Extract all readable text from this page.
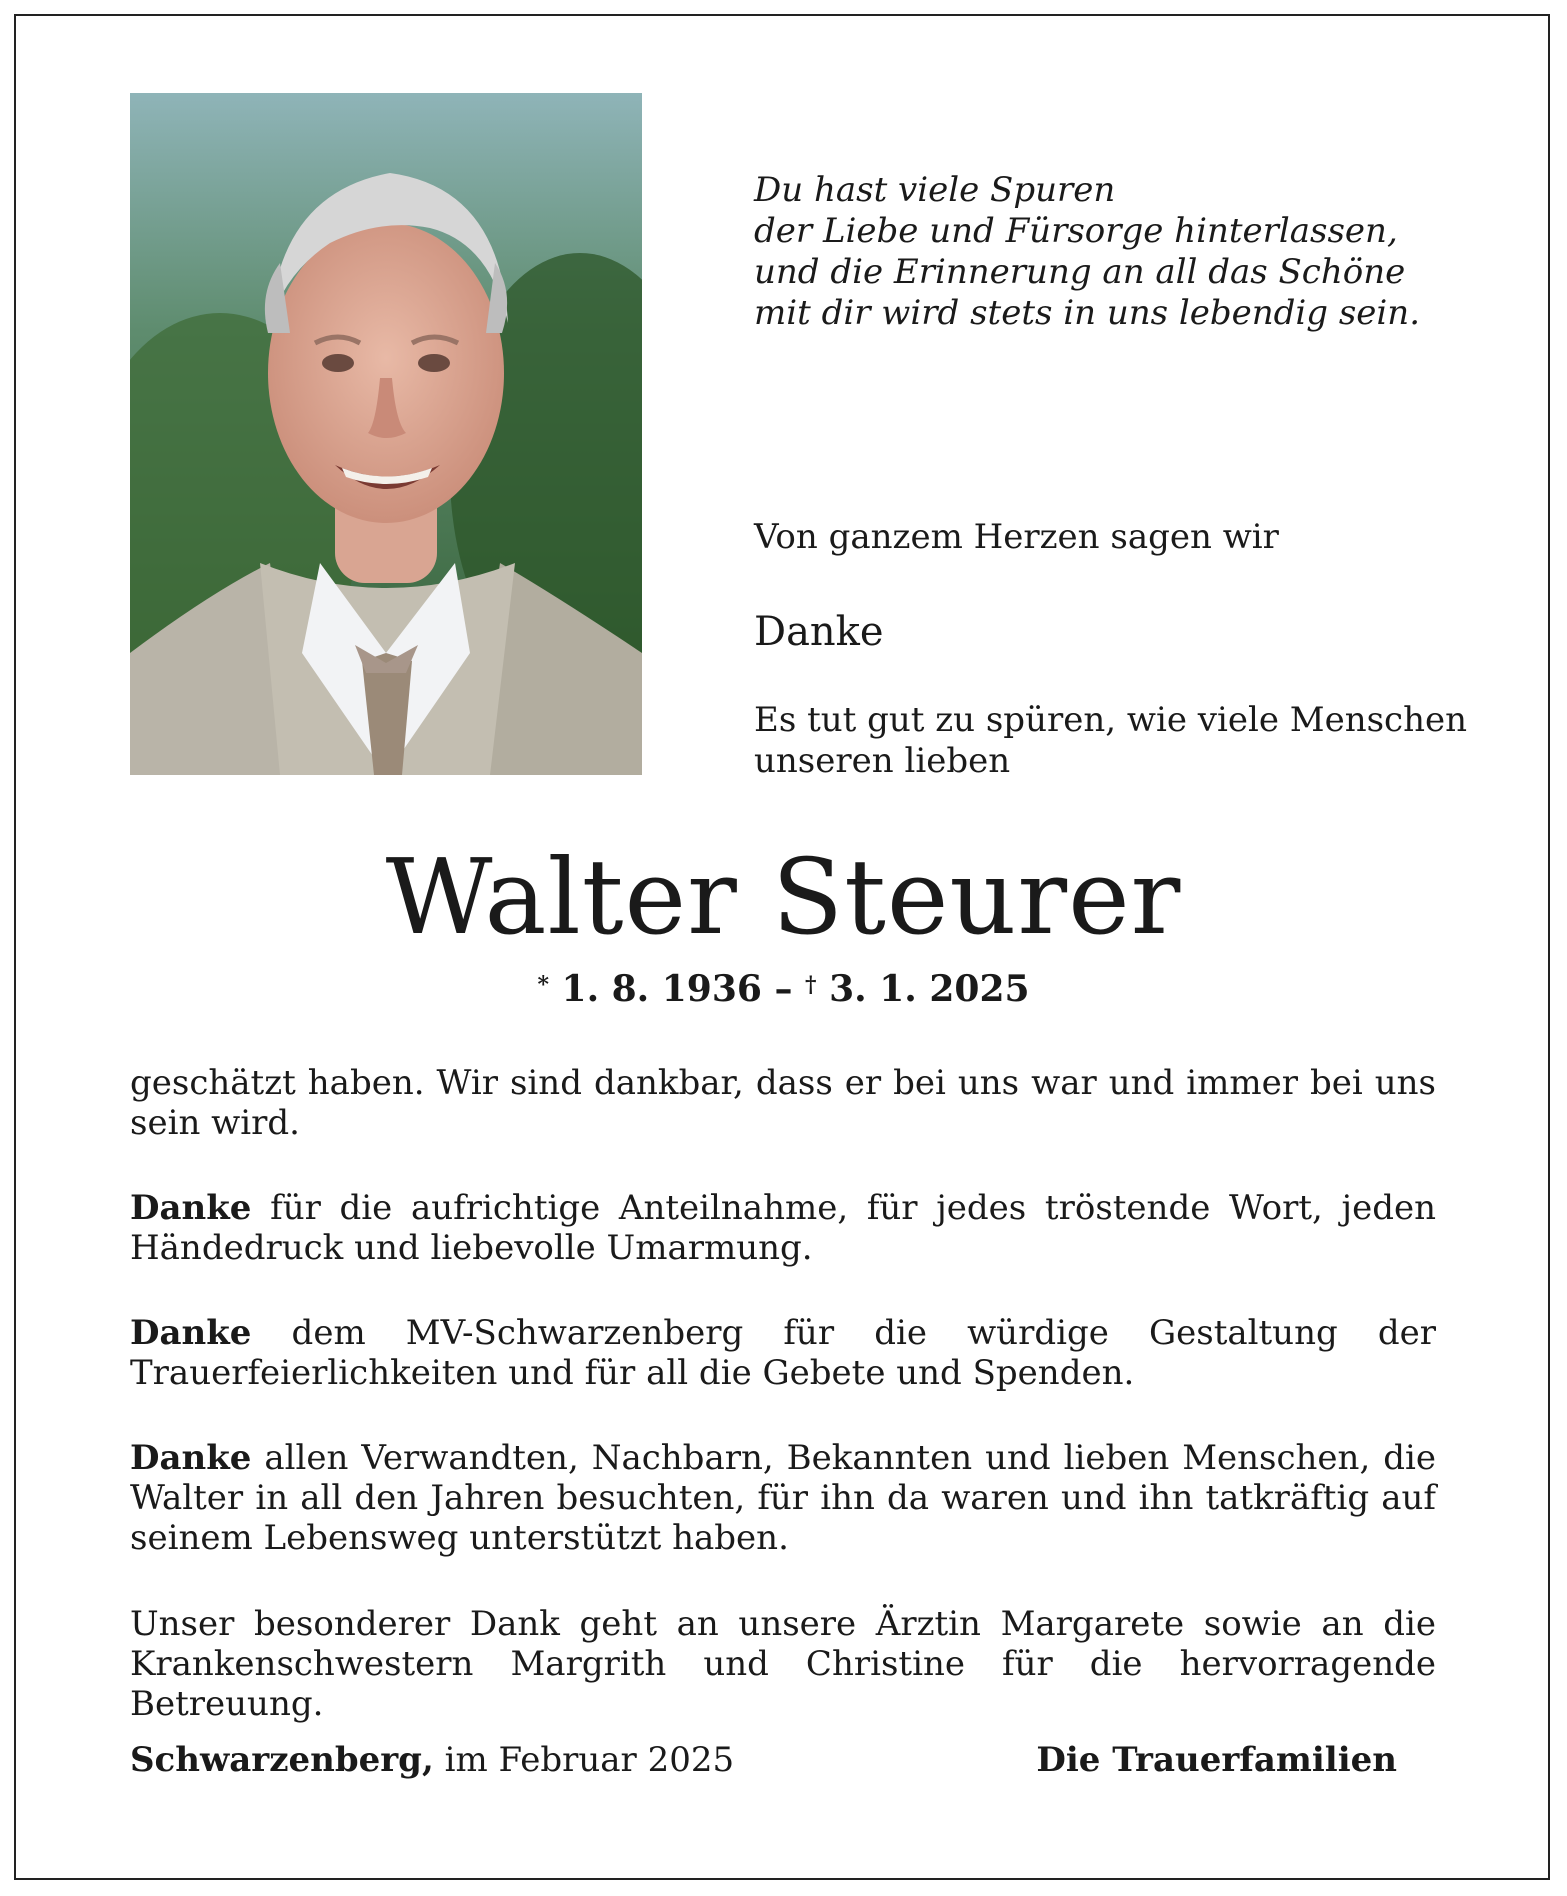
Du hast viele Spuren
der Liebe und Fürsorge hinterlassen,
und die Erinnerung an all das Schöne
mit dir wird stets in uns lebendig sein.
Von ganzem Herzen sagen wir
Danke
Es tut gut zu spüren, wie viele Menschen
unseren lieben
Walter Steurer
* 1. 8. 1936 – † 3. 1. 2025
geschätzt haben. Wir sind dankbar, dass er bei uns war und immer bei uns sein wird.
Danke für die aufrichtige Anteilnahme, für jedes tröstende Wort, jeden Händedruck und liebevolle Umarmung.
Danke dem MV-Schwarzenberg für die würdige Gestaltung der Trauerfeierlichkeiten und für all die Gebete und Spenden.
Danke allen Verwandten, Nachbarn, Bekannten und lieben Menschen, die Walter in all den Jahren besuchten, für ihn da waren und ihn tatkräftig auf seinem Lebensweg unterstützt haben.
Unser besonderer Dank geht an unsere Ärztin Margarete sowie an die Krankenschwestern Margrith und Christine für die hervorragende Betreuung.
Schwarzenberg, im Februar 2025	Die Trauerfamilien
